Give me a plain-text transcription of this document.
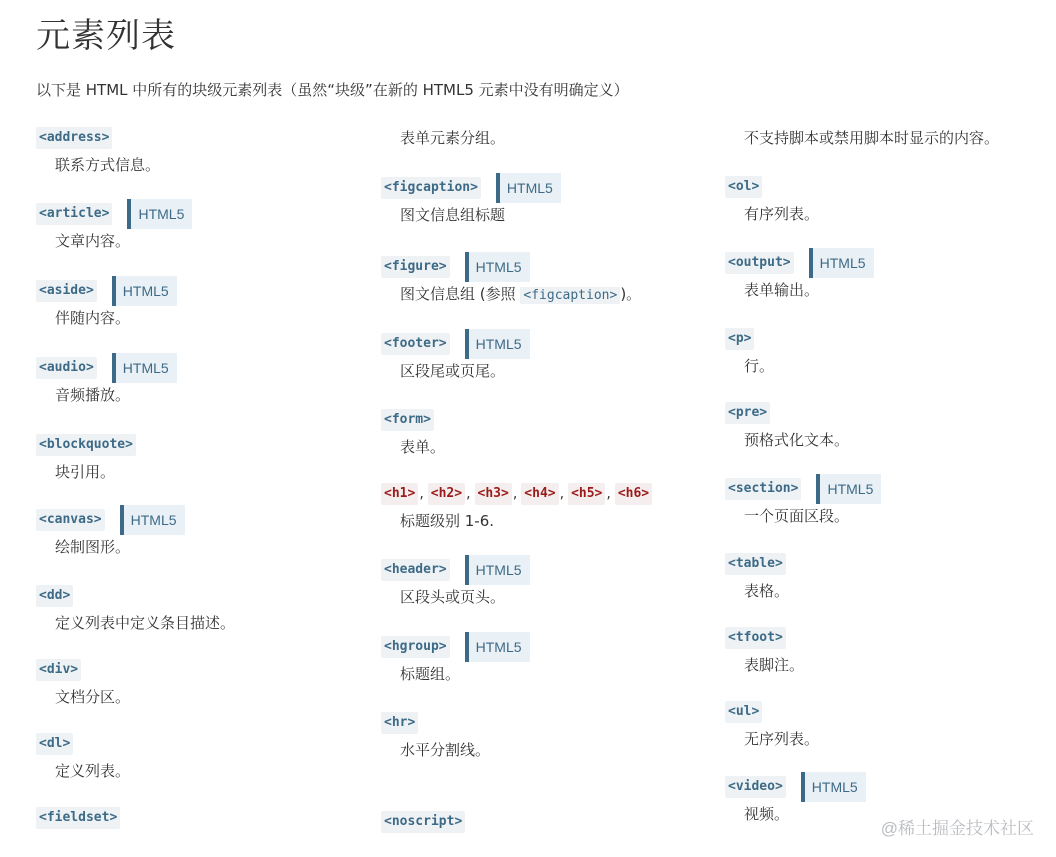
元素列表
以下是 HTML 中所有的块级元素列表（虽然“块级”在新的 HTML5 元素中没有明确定义）
<address>
联系方式信息。
<article>	HTML5
文章内容。
<aside>	HTML5
伴随内容。
<audio>	HTML5
音频播放。
<blockquote>
块引用。
<canvas>	HTML5
绘制图形。
<dd>
定义列表中定义条目描述。
<div>
文档分区。
<dl>
定义列表。
<fieldset>
表单元素分组。
<figcaption>	HTML5
图文信息组标题
<figure>	HTML5
图文信息组 (参照 <figcaption> )。
<footer>	HTML5
区段尾或页尾。
<form>
表单。
<h1> , <h2> , <h3> , <h4> , <h5> , <h6>
标题级别 1-6.
<header>	HTML5
区段头或页头。
<hgroup>	HTML5
标题组。
<hr>
水平分割线。
<noscript>
不支持脚本或禁用脚本时显示的内容。
<ol>
有序列表。
<output>	HTML5
表单输出。
<p>
行。
<pre>
预格式化文本。
<section>	HTML5
一个页面区段。
<table>
表格。
<tfoot>
表脚注。
<ul>
无序列表。
<video>	HTML5
视频。
@稀土掘金技术社区
